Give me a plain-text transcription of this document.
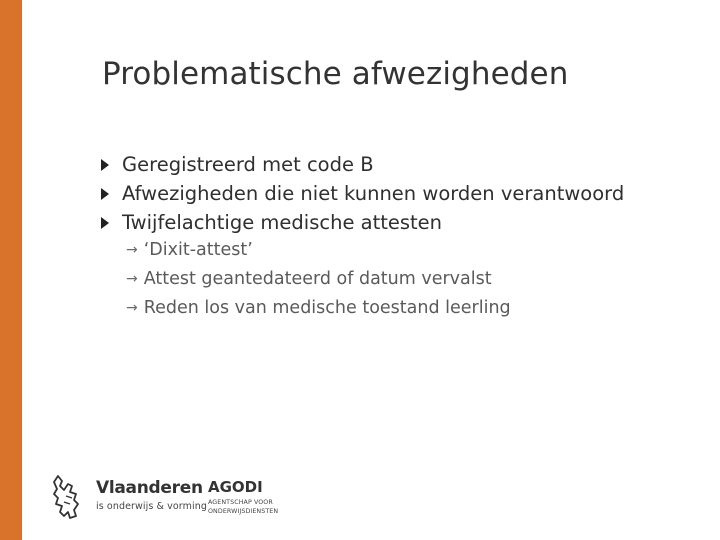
Problematische afwezigheden
Geregistreerd met code B
Afwezigheden die niet kunnen worden verantwoord
Twijfelachtige medische attesten
→ ‘Dixit-attest’
→ Attest geantedateerd of datum vervalst
→ Reden los van medische toestand leerling
Vlaanderen
is onderwijs & vorming
AGODI
AGENTSCHAP VOOR
ONDERWIJSDIENSTEN
